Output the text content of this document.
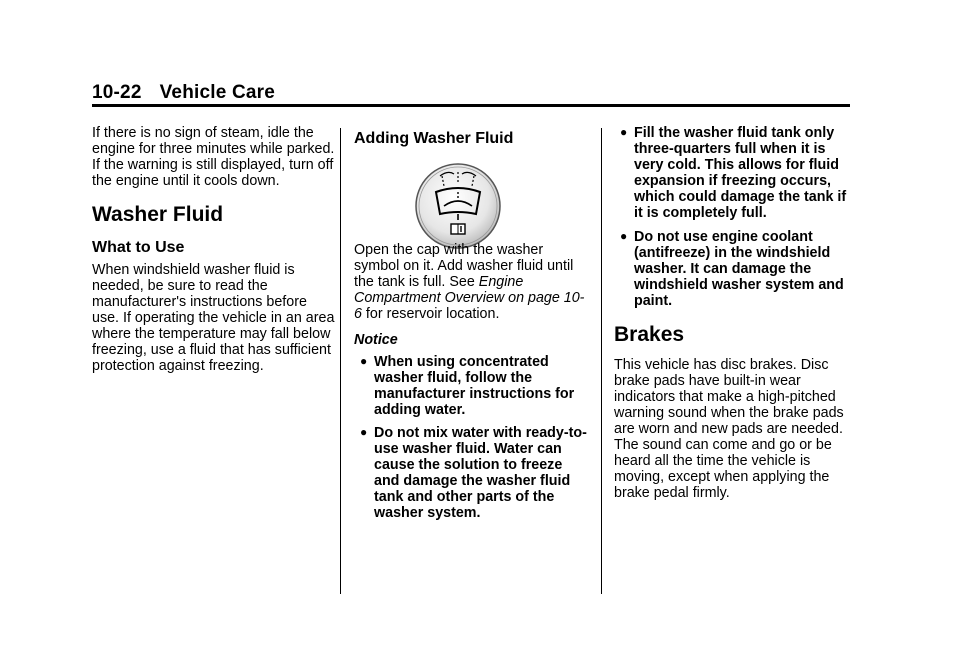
10-22 Vehicle Care

If there is no sign of steam, idle the engine for three minutes while parked. If the warning is still displayed, turn off the engine until it cools down.

Washer Fluid
What to Use

When windshield washer fluid is needed, be sure to read the manufacturer's instructions before use. If operating the vehicle in an area where the temperature may fall below freezing, use a fluid that has sufficient protection against freezing.

Adding Washer Fluid

Open the cap with the washer symbol on it. Add washer fluid until the tank is full. See Engine Compartment Overview on page 10-6 for reservoir location.

Notice

● When using concentrated washer fluid, follow the manufacturer instructions for adding water.
● Do not mix water with ready-to-use washer fluid. Water can cause the solution to freeze and damage the washer fluid tank and other parts of the washer system.
● Fill the washer fluid tank only three-quarters full when it is very cold. This allows for fluid expansion if freezing occurs, which could damage the tank if it is completely full.
● Do not use engine coolant (antifreeze) in the windshield washer. It can damage the windshield washer system and paint.
Brakes

This vehicle has disc brakes. Disc brake pads have built-in wear indicators that make a high-pitched warning sound when the brake pads are worn and new pads are needed. The sound can come and go or be heard all the time the vehicle is moving, except when applying the brake pedal firmly.
